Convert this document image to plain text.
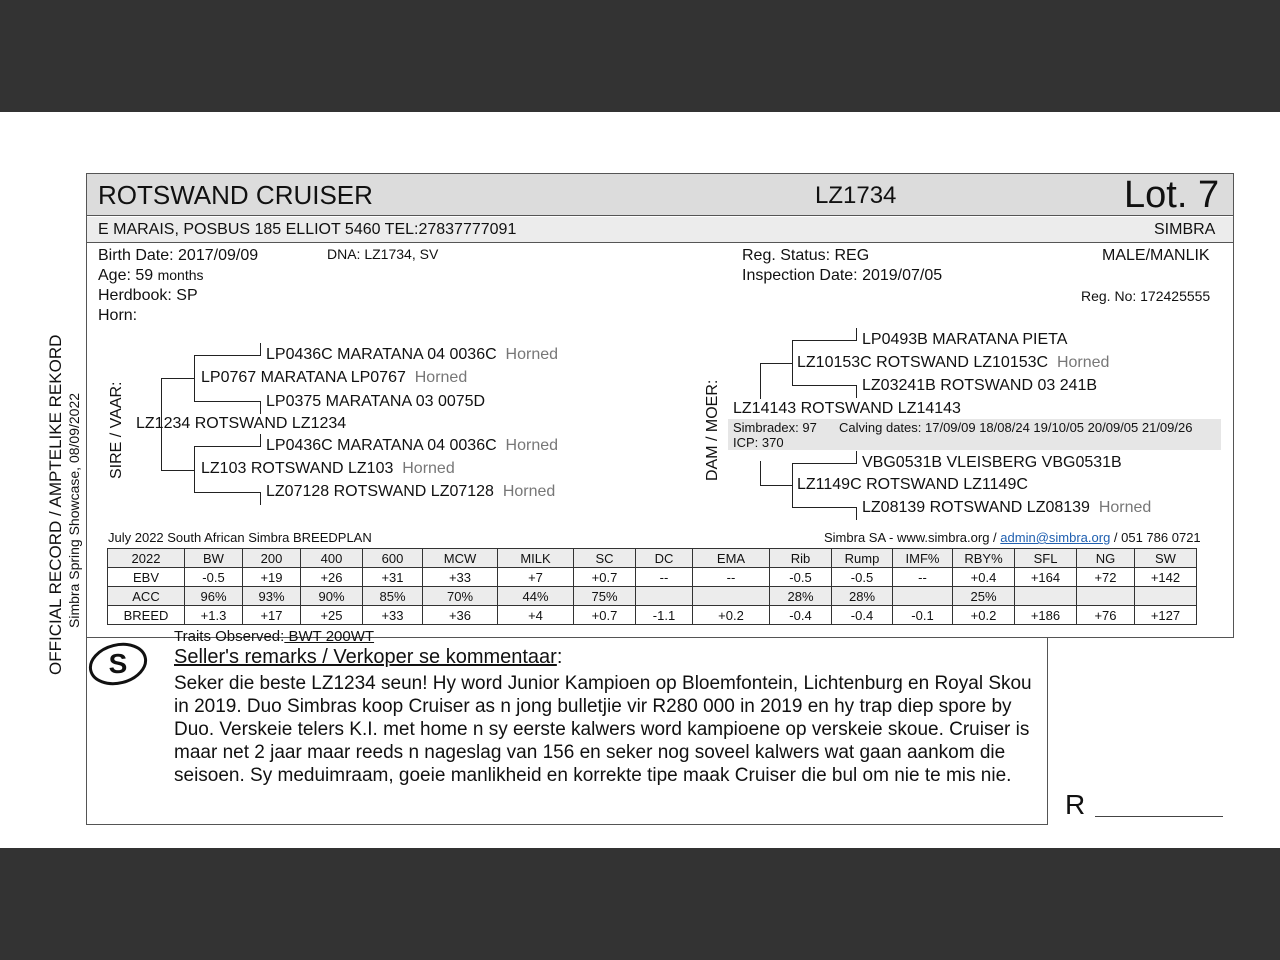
ROTSWAND CRUISER	LZ1734	Lot. 7
E MARAIS, POSBUS 185 ELLIOT 5460 TEL:27837777091	SIMBRA
Birth Date: 2017/09/09	DNA: LZ1734, SV
Age: 59 months
Herdbook: SP
Horn:
Reg. Status: REG
Inspection Date: 2019/07/05
MALE/MANLIK
Reg. No: 172425555
OFFICIAL RECORD / AMPTELIKE REKORD Simbra Spring Showcase, 08/09/2022 SIRE / VAAR:
LP0436C MARATANA 04 0036C Horned
LP0767 MARATANA LP0767 Horned
LP0375 MARATANA 03 0075D
LZ1234 ROTSWAND LZ1234
LP0436C MARATANA 04 0036C Horned
LZ103 ROTSWAND LZ103 Horned
LZ07128 ROTSWAND LZ07128 Horned
DAM / MOER:
LP0493B MARATANA PIETA
LZ10153C ROTSWAND LZ10153C Horned
LZ03241B ROTSWAND 03 241B
LZ14143 ROTSWAND LZ14143
Simbradex: 97 Calving dates: 17/09/09 18/08/24 19/10/05 20/09/05 21/09/26
ICP: 370
VBG0531B VLEISBERG VBG0531B
LZ1149C ROTSWAND LZ1149C
LZ08139 ROTSWAND LZ08139 Horned
July 2022 South African Simbra BREEDPLAN	Simbra SA - www.simbra.org / admin@simbra.org / 051 786 0721
2022	BW	200	400	600	MCW	MILK	SC	DC	EMA	Rib	Rump	IMF%	RBY%	SFL	NG	SW
EBV	-0.5	+19	+26	+31	+33	+7	+0.7	--	--	-0.5	-0.5	--	+0.4	+164	+72	+142
ACC	96%	93%	90%	85%	70%	44%	75%			28%	28%		25%			
BREED	+1.3	+17	+25	+33	+36	+4	+0.7	-1.1	+0.2	-0.4	-0.4	-0.1	+0.2	+186	+76	+127
S
Traits Observed: BWT 200WT
Seller's remarks / Verkoper se kommentaar:
Seker die beste LZ1234 seun! Hy word Junior Kampioen op Bloemfontein, Lichtenburg en Royal Skou in 2019. Duo Simbras koop Cruiser as n jong bulletjie vir R280 000 in 2019 en hy trap diep spore by Duo. Verskeie telers K.I. met home n sy eerste kalwers word kampioene op verskeie skoue. Cruiser is maar net 2 jaar maar reeds n nageslag van 156 en seker nog soveel kalwers wat gaan aankom die seisoen. Sy meduimraam, goeie manlikheid en korrekte tipe maak Cruiser die bul om nie te mis nie.
R
